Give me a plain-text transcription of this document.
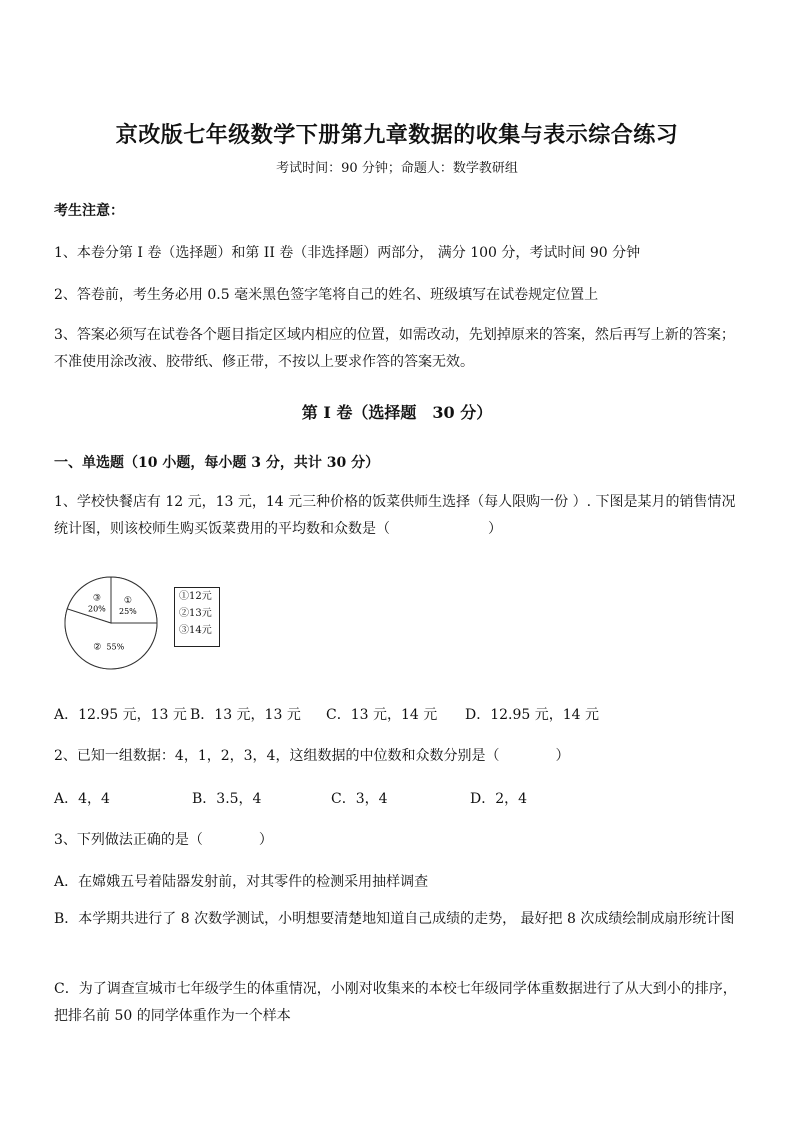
京改版七年级数学下册第九章数据的收集与表示综合练习
考试时间：90 分钟；命题人：数学教研组
考生注意：
1、本卷分第 I 卷（选择题）和第 II 卷（非选择题）两部分， 满分 100 分，考试时间 90 分钟
2、答卷前，考生务必用 0.5 毫米黑色签字笔将自己的姓名、班级填写在试卷规定位置上
3、答案必须写在试卷各个题目指定区域内相应的位置，如需改动，先划掉原来的答案，然后再写上新的答案；不准使用涂改液、胶带纸、修正带，不按以上要求作答的答案无效。
第 I 卷（选择题　30 分）
一、单选题（10 小题，每小题 3 分，共计 30 分）
1、学校快餐店有 12 元，13 元，14 元三种价格的饭菜供师生选择（每人限购一份 ）. 下图是某月的销售情况统计图，则该校师生购买饭菜费用的平均数和众数是（　　　　　　　）
①
25%
② 55%
③
20%
①12元
②13元
③14元
A．12.95 元，13 元 B．13 元，13 元	C．13 元，14 元	D．12.95 元，14 元
2、已知一组数据：4，1，2，3，4，这组数据的中位数和众数分别是（　　　　）
A．4，4	B．3.5，4	C．3，4	D．2，4
3、下列做法正确的是（　　　　）
A．在嫦娥五号着陆器发射前，对其零件的检测采用抽样调查
B．本学期共进行了 8 次数学测试，小明想要清楚地知道自己成绩的走势， 最好把 8 次成绩绘制成扇形统计图
C．为了调查宣城市七年级学生的体重情况，小刚对收集来的本校七年级同学体重数据进行了从大到小的排序，把排名前 50 的同学体重作为一个样本
